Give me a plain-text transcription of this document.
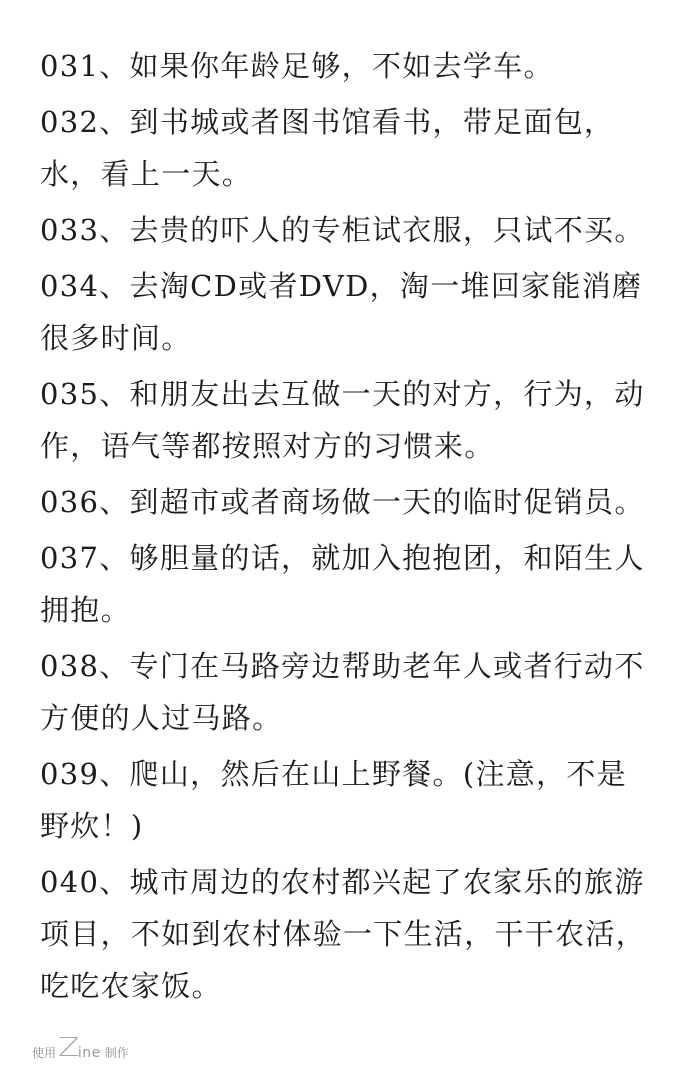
031、如果你年龄足够，不如去学车。
032、到书城或者图书馆看书，带足面包，水，看上一天。
033、去贵的吓人的专柜试衣服，只试不买。
034、去淘CD或者DVD，淘一堆回家能消磨很多时间。
035、和朋友出去互做一天的对方，行为，动作，语气等都按照对方的习惯来。
036、到超市或者商场做一天的临时促销员。
037、够胆量的话，就加入抱抱团，和陌生人拥抱。
038、专门在马路旁边帮助老年人或者行动不方便的人过马路。
039、爬山，然后在山上野餐。(注意，不是野炊！)
040、城市周边的农村都兴起了农家乐的旅游项目，不如到农村体验一下生活，干干农活，吃吃农家饭。
使用 Z
ine 制作
